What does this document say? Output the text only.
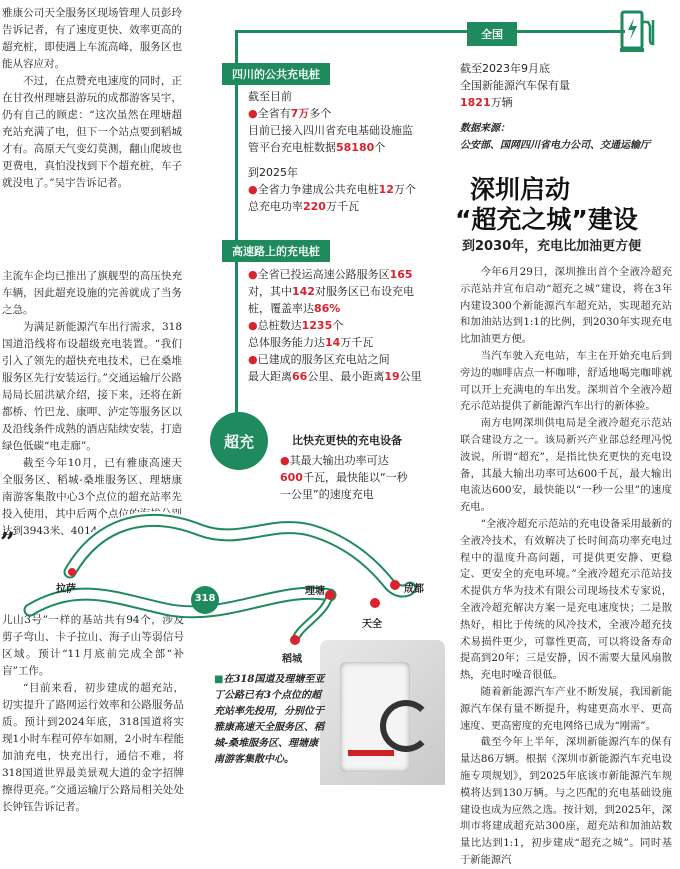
雅康公司天全服务区现场管理人员彭玲告诉记者，有了速度更快、效率更高的超充桩，即使遇上车流高峰，服务区也能从容应对。

不过，在点赞充电速度的同时，正在甘孜州理塘县游玩的成都游客吴宇，仍有自己的顾虑：“这次虽然在理塘超充站充满了电，但下一个站点要到稻城才有。高原天气变幻莫测，翻山爬坡也更费电，真怕没找到下个超充桩，车子就没电了。”吴宇告诉记者。

主流车企均已推出了旗舰型的高压快充车辆，因此超充设施的完善就成了当务之急。

为满足新能源汽车出行需求，318国道沿线将布设超级充电装置。“我们引入了领先的超快充电技术，已在桑堆服务区先行安装运行。”交通运输厅公路局局长屈洪斌介绍，接下来，还将在新都桥、竹巴龙、康呷、泸定等服务区以及沿线条件成熟的酒店陆续安装，打造绿色低碳“电走廊”。

截至今年10月，已有雅康高速天全服务区、稻城-桑堆服务区、理塘康南游客集散中心3个点位的超充站率先投入使用，其中后两个点位的海拔分别达到3943米、4014米。

”

儿山3号”一样的基站共有94个，涉及剪子弯山、卡子拉山、海子山等弱信号区域。预计“11月底前完成全部“补盲”工作。

“目前来看，初步建成的超充站，切实提升了路网运行效率和公路服务品质。预计到2024年底，318国道将实现1小时车程可停车如厕，2小时车程能加油充电，快充出行，通信不难，将318国道世界最美景观大道的金字招牌擦得更亮。”交通运输厅公路局相关处处长钟钰告诉记者。

四川的公共充电桩
截至目前
●全省有7万多个
目前已接入四川省充电基础设施监
管平台充电桩数据58180个
到2025年
●全省力争建成公共充电桩12万个
总充电功率220万千瓦
高速路上的充电桩
●全省已投运高速公路服务区165
对，其中142对服务区已布设充电
桩，覆盖率达86%
●总桩数达1235个
总体服务能力达14万千瓦
●已建成的服务区充电站之间
最大距离66公里、最小距离19公里
超充	比快充更快的充电设备
●其最大输出功率可达
600千瓦，最快能以“一秒
一公里”的速度充电
全国
截至2023年9月底
全国新能源汽车保有量
1821万辆
数据来源：
公安部、国网四川省电力公司、交通运输厅
深圳启动
“超充之城”建设
到2030年，充电比加油更方便

今年6月29日，深圳推出首个全液冷超充示范站并宣布启动“超充之城”建设，将在3年内建设300个新能源汽车超充站，实现超充站和加油站达到1:1的比例，到2030年实现充电比加油更方便。

当汽车驶入充电站，车主在开始充电后到旁边的咖啡店点一杯咖啡，舒适地喝完咖啡就可以开上充满电的车出发。深圳首个全液冷超充示范站提供了新能源汽车出行的新体验。

南方电网深圳供电局是全液冷超充示范站联合建设方之一。该局新兴产业部总经理冯悦波说，所谓“超充”，是指比快充更快的充电设备，其最大输出功率可达600千瓦，最大输出电流达600安，最快能以“一秒一公里”的速度充电。

“全液冷超充示范站的充电设备采用最新的全液冷技术，有效解决了长时间高功率充电过程中的温度升高问题，可提供更安静、更稳定、更安全的充电环境。”全液冷超充示范站技术提供方华为技术有限公司现场技术专家说，全液冷超充解决方案一是充电速度快；二是散热好，相比于传统的风冷技术，全液冷超充技术易损件更少，可靠性更高，可以将设备寿命提高到20年；三是安静，因不需要大量风扇散热，充电时噪音很低。

随着新能源汽车产业不断发展，我国新能源汽车保有量不断提升，构建更高水平、更高速度、更高密度的充电网络已成为“刚需”。

截至今年上半年，深圳新能源汽车的保有量达86万辆。根据《深圳市新能源汽车充电设施专项规划》，到2025年底该市新能源汽车规模将达到130万辆。与之匹配的充电基础设施建设也成为应然之选。按计划，到2025年，深圳市将建成超充站300座，超充站和加油站数量比达到1:1，初步建成“超充之城”。同时基于新能源汽

318
拉萨	理塘	成都
天全
稻城
■在318国道及理塘至亚丁公路已有3个点位的超充站率先投用，分别位于雅康高速天全服务区、稻城-桑堆服务区、理塘康南游客集散中心。
